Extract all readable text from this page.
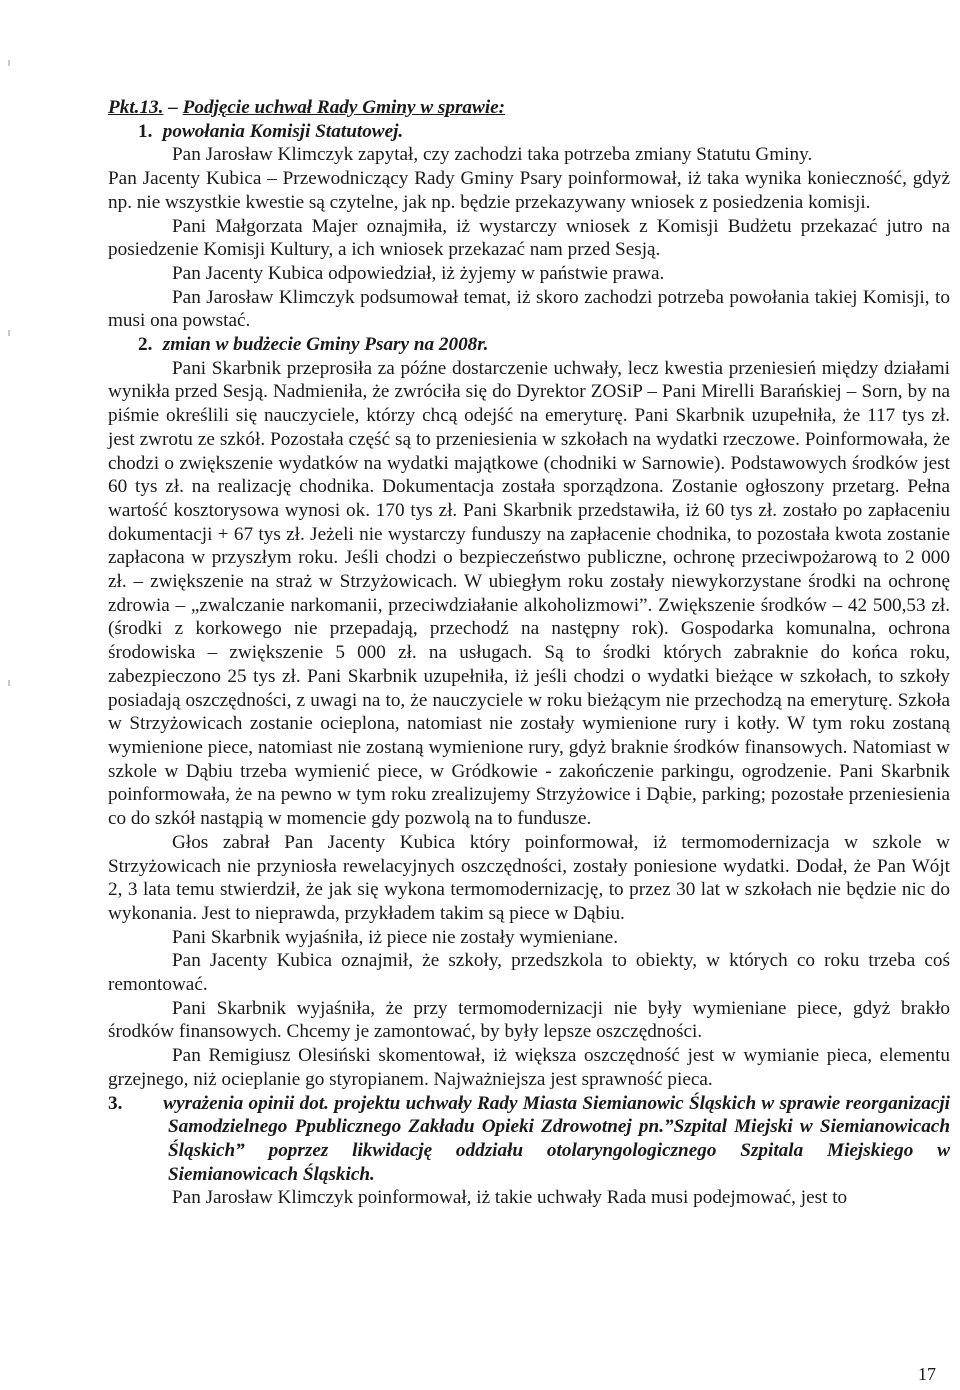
Pkt.13. – Podjęcie uchwał Rady Gminy w sprawie:

1. powołania Komisji Statutowej.

Pan Jarosław Klimczyk zapytał, czy zachodzi taka potrzeba zmiany Statutu Gminy.

Pan Jacenty Kubica – Przewodniczący Rady Gminy Psary poinformował, iż taka wynika konieczność, gdyż np. nie wszystkie kwestie są czytelne, jak np. będzie przekazywany wniosek z posiedzenia komisji.

Pani Małgorzata Majer oznajmiła, iż wystarczy wniosek z Komisji Budżetu przekazać jutro na posiedzenie Komisji Kultury, a ich wniosek przekazać nam przed Sesją.

Pan Jacenty Kubica odpowiedział, iż żyjemy w państwie prawa.

Pan Jarosław Klimczyk podsumował temat, iż skoro zachodzi potrzeba powołania takiej Komisji, to musi ona powstać.

2. zmian w budżecie Gminy Psary na 2008r.

Pani Skarbnik przeprosiła za późne dostarczenie uchwały, lecz kwestia przeniesień między działami wynikła przed Sesją. Nadmieniła, że zwróciła się do Dyrektor ZOSiP – Pani Mirelli Barańskiej – Sorn, by na piśmie określili się nauczyciele, którzy chcą odejść na emeryturę. Pani Skarbnik uzupełniła, że 117 tys zł. jest zwrotu ze szkół. Pozostała część są to przeniesienia w szkołach na wydatki rzeczowe. Poinformowała, że chodzi o zwiększenie wydatków na wydatki majątkowe (chodniki w Sarnowie). Podstawowych środków jest 60 tys zł. na realizację chodnika. Dokumentacja została sporządzona. Zostanie ogłoszony przetarg. Pełna wartość kosztorysowa wynosi ok. 170 tys zł. Pani Skarbnik przedstawiła, iż 60 tys zł. zostało po zapłaceniu dokumentacji + 67 tys zł. Jeżeli nie wystarczy funduszy na zapłacenie chodnika, to pozostała kwota zostanie zapłacona w przyszłym roku. Jeśli chodzi o bezpieczeństwo publiczne, ochronę przeciwpożarową to 2 000 zł. – zwiększenie na straż w Strzyżowicach. W ubiegłym roku zostały niewykorzystane środki na ochronę zdrowia – „zwalczanie narkomanii, przeciwdziałanie alkoholizmowi”. Zwiększenie środków – 42 500,53 zł. (środki z korkowego nie przepadają, przechodź na następny rok). Gospodarka komunalna, ochrona środowiska – zwiększenie 5 000 zł. na usługach. Są to środki których zabraknie do końca roku, zabezpieczono 25 tys zł. Pani Skarbnik uzupełniła, iż jeśli chodzi o wydatki bieżące w szkołach, to szkoły posiadają oszczędności, z uwagi na to, że nauczyciele w roku bieżącym nie przechodzą na emeryturę. Szkoła w Strzyżowicach zostanie ocieplona, natomiast nie zostały wymienione rury i kotły. W tym roku zostaną wymienione piece, natomiast nie zostaną wymienione rury, gdyż braknie środków finansowych. Natomiast w szkole w Dąbiu trzeba wymienić piece, w Gródkowie - zakończenie parkingu, ogrodzenie. Pani Skarbnik poinformowała, że na pewno w tym roku zrealizujemy Strzyżowice i Dąbie, parking; pozostałe przeniesienia co do szkół nastąpią w momencie gdy pozwolą na to fundusze.

Głos zabrał Pan Jacenty Kubica który poinformował, iż termomodernizacja w szkole w Strzyżowicach nie przyniosła rewelacyjnych oszczędności, zostały poniesione wydatki. Dodał, że Pan Wójt 2, 3 lata temu stwierdził, że jak się wykona termomodernizację, to przez 30 lat w szkołach nie będzie nic do wykonania. Jest to nieprawda, przykładem takim są piece w Dąbiu.

Pani Skarbnik wyjaśniła, iż piece nie zostały wymieniane.

Pan Jacenty Kubica oznajmił, że szkoły, przedszkola to obiekty, w których co roku trzeba coś remontować.

Pani Skarbnik wyjaśniła, że przy termomodernizacji nie były wymieniane piece, gdyż brakło środków finansowych. Chcemy je zamontować, by były lepsze oszczędności.

Pan Remigiusz Olesiński skomentował, iż większa oszczędność jest w wymianie pieca, elementu grzejnego, niż ocieplanie go styropianem. Najważniejsza jest sprawność pieca.

3. wyrażenia opinii dot. projektu uchwały Rady Miasta Siemianowic Śląskich w sprawie reorganizacji Samodzielnego Ppublicznego Zakładu Opieki Zdrowotnej pn.”Szpital Miejski w Siemianowicach Śląskich” poprzez likwidację oddziału otolaryngologicznego Szpitala Miejskiego w Siemianowicach Śląskich.

Pan Jarosław Klimczyk poinformował, iż takie uchwały Rada musi podejmować, jest to

17
